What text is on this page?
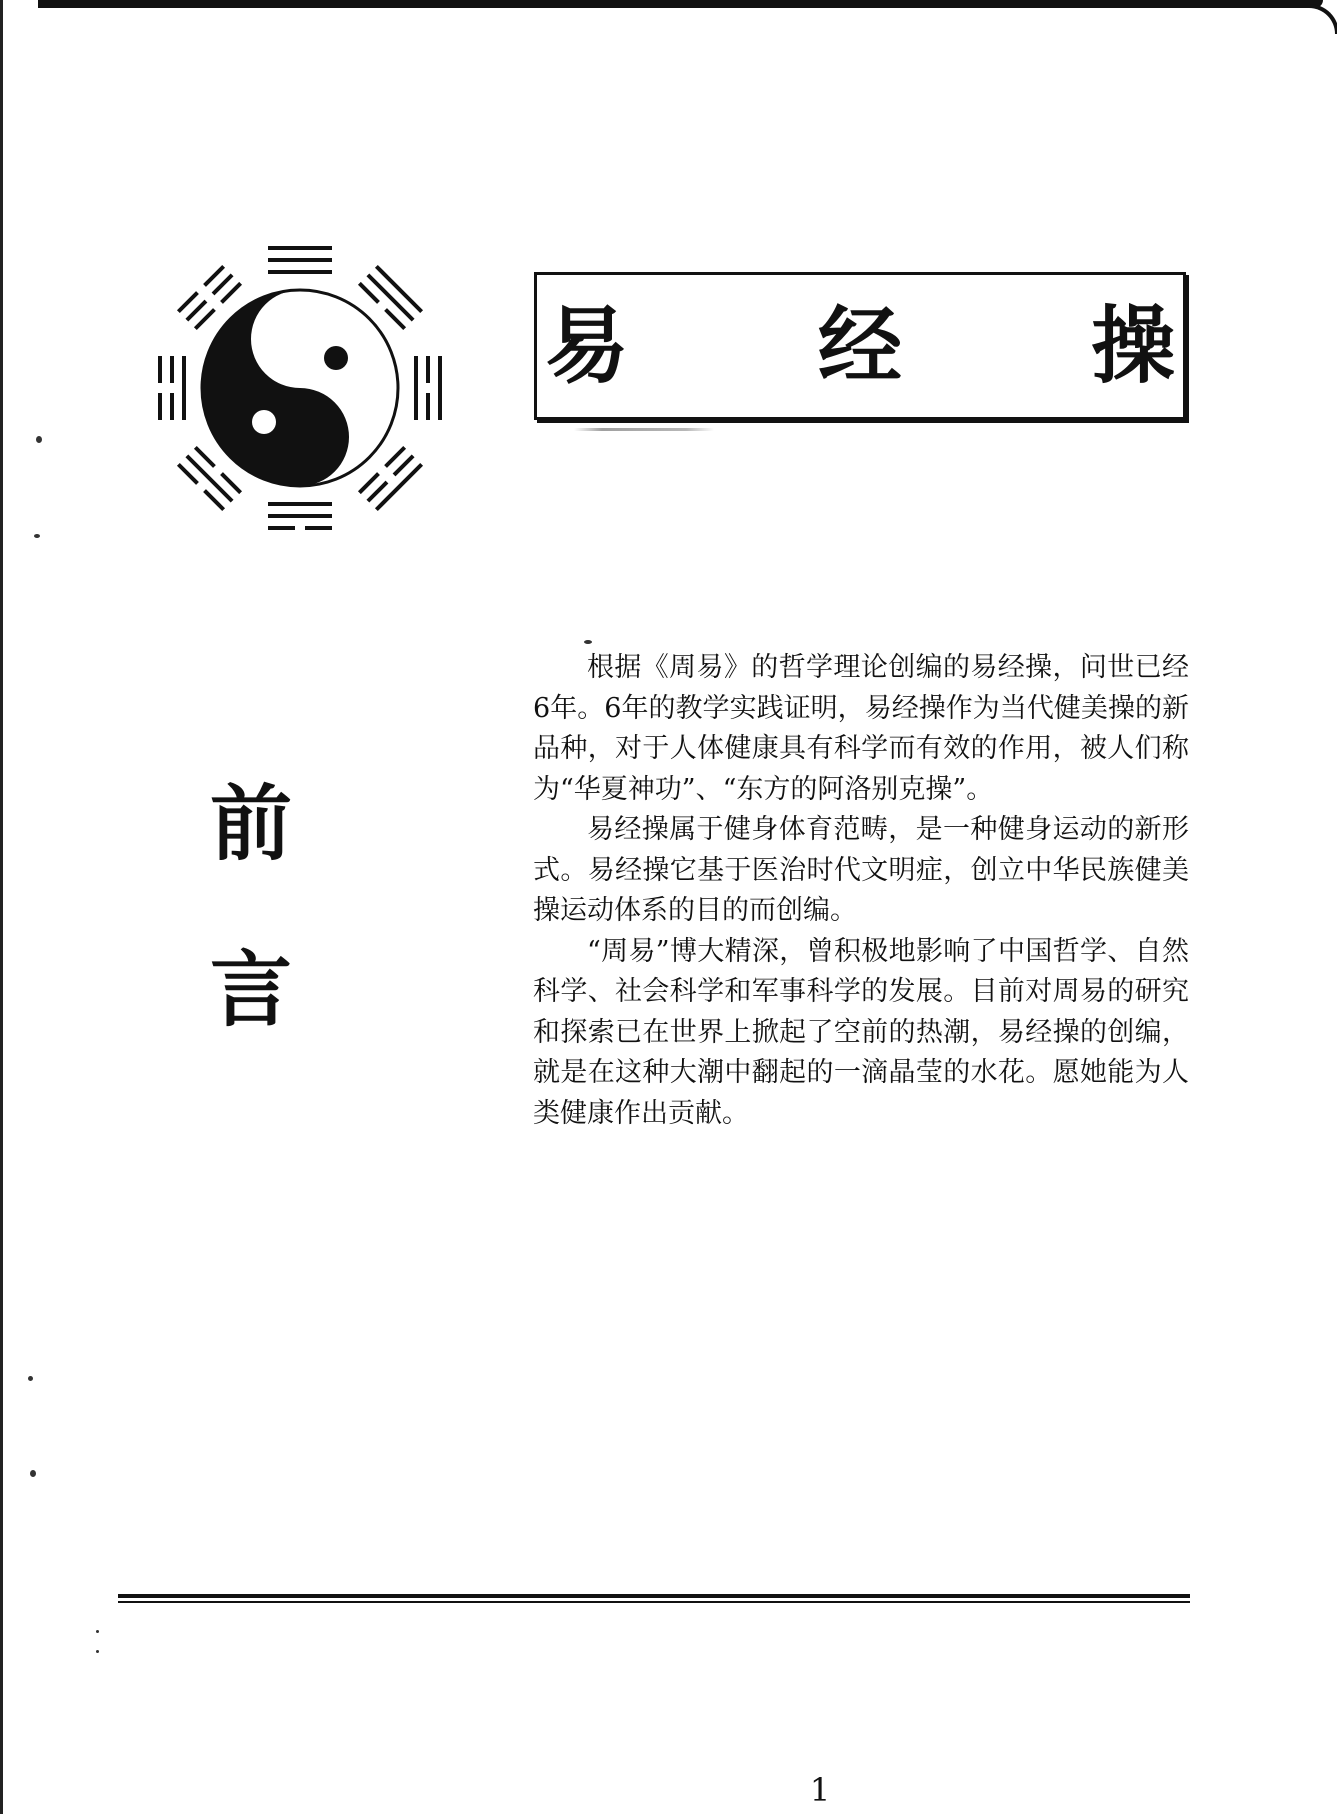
易 经 操
前
言

根据《周易》的哲学理论创编的易经操，问世已经6年。6年的教学实践证明，易经操作为当代健美操的新品种，对于人体健康具有科学而有效的作用，被人们称为“华夏神功”、“东方的阿洛别克操”。

易经操属于健身体育范畴，是一种健身运动的新形式。易经操它基于医治时代文明症，创立中华民族健美操运动体系的目的而创编。

“周易”博大精深，曾积极地影响了中国哲学、自然科学、社会科学和军事科学的发展。目前对周易的研究和探索已在世界上掀起了空前的热潮，易经操的创编，就是在这种大潮中翻起的一滴晶莹的水花。愿她能为人类健康作出贡献。

1
